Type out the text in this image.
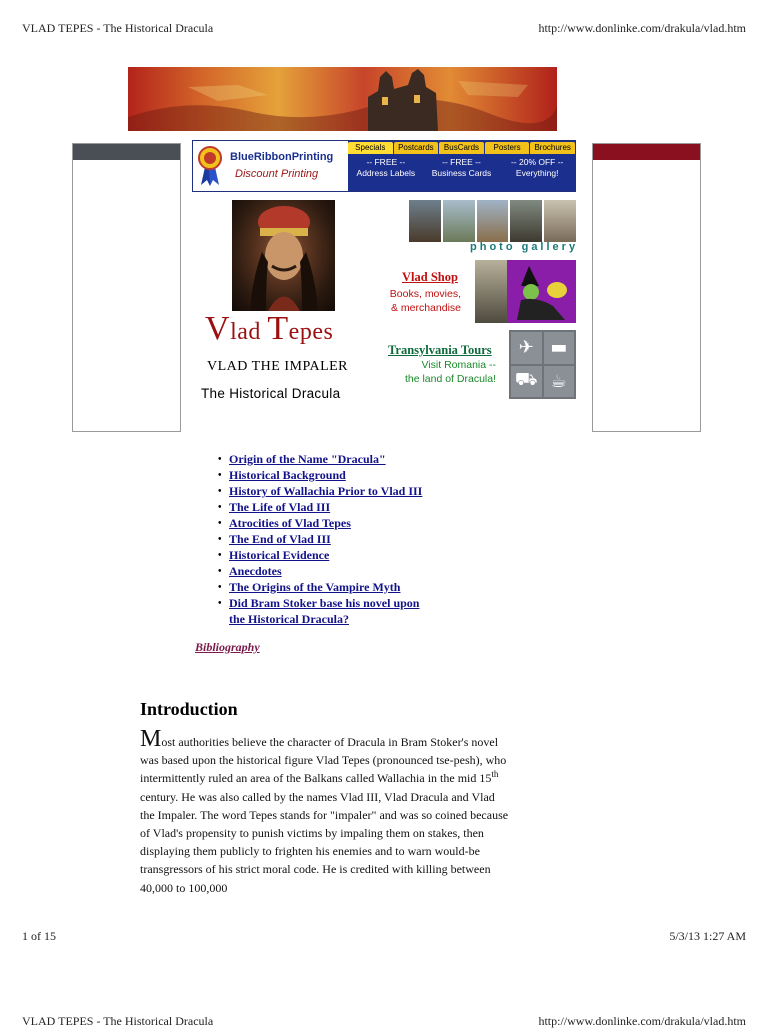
VLAD TEPES - The Historical Dracula	http://www.donlinke.com/drakula/vlad.htm
BlueRibbonPrinting
Discount Printing
Specials	Postcards	BusCards	Posters	Brochures
-- FREE --
Address Labels
-- FREE --
Business Cards
-- 20% OFF --
Everything!
Vlad Tepes
VLAD THE IMPALER
The Historical Dracula
photo gallery
Vlad Shop
Books, movies,
& merchandise
Transylvania Tours
Visit Romania --
the land of Dracula!
✈ ▬
⛟ ☕
• Origin of the Name "Dracula"
• Historical Background
• History of Wallachia Prior to Vlad III
• The Life of Vlad III
• Atrocities of Vlad Tepes
• The End of Vlad III
• Historical Evidence
• Anecdotes
• The Origins of the Vampire Myth
• Did Bram Stoker base his novel upon
the Historical Dracula?
Bibliography
Introduction
Most authorities believe the character of Dracula in Bram Stoker's novel was based upon the historical figure Vlad Tepes (pronounced tse-pesh), who intermittently ruled an area of the Balkans called Wallachia in the mid 15th century. He was also called by the names Vlad III, Vlad Dracula and Vlad the Impaler. The word Tepes stands for "impaler" and was so coined because of Vlad's propensity to punish victims by impaling them on stakes, then displaying them publicly to frighten his enemies and to warn would-be transgressors of his strict moral code. He is credited with killing between 40,000 to 100,000
1 of 15	5/3/13 1:27 AM
VLAD TEPES - The Historical Dracula	http://www.donlinke.com/drakula/vlad.htm
